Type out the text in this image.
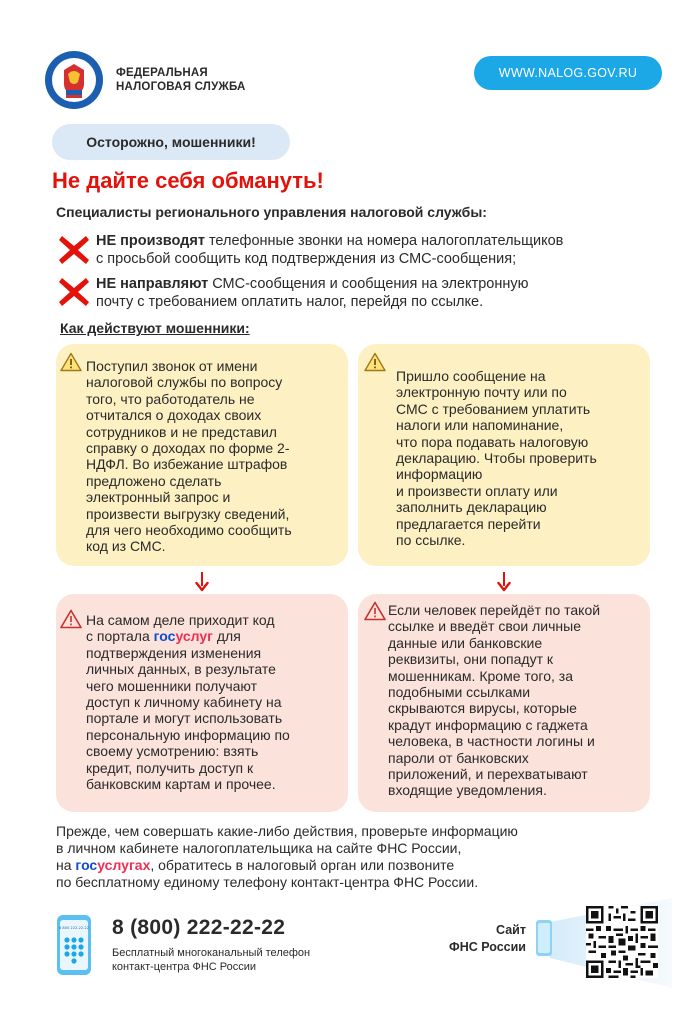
ФЕДЕРАЛЬНАЯ
НАЛОГОВАЯ СЛУЖБА
WWW.NALOG.GOV.RU
Осторожно, мошенники!
Не дайте себя обмануть!
Специалисты регионального управления налоговой службы:
НЕ производят телефонные звонки на номера налогоплательщиков
с просьбой сообщить код подтверждения из СМС-сообщения;
НЕ направляют СМС-сообщения и сообщения на электронную
почту с требованием оплатить налог, перейдя по ссылке.
Как действуют мошенники:
Поступил звонок от имени
налоговой службы по вопросу
того, что работодатель не
отчитался о доходах своих
сотрудников и не представил
справку о доходах по форме 2-
НДФЛ. Во избежание штрафов
предложено сделать
электронный запрос и
произвести выгрузку сведений,
для чего необходимо сообщить
код из СМС.
Пришло сообщение на
электронную почту или по
СМС с требованием уплатить
налоги или напоминание,
что пора подавать налоговую
декларацию. Чтобы проверить
информацию
и произвести оплату или
заполнить декларацию
предлагается перейти
по ссылке.
На самом деле приходит код
с портала госуслуг для
подтверждения изменения
личных данных, в результате
чего мошенники получают
доступ к личному кабинету на
портале и могут использовать
персональную информацию по
своему усмотрению: взять
кредит, получить доступ к
банковским картам и прочее.
Если человек перейдёт по такой
ссылке и введёт свои личные
данные или банковские
реквизиты, они попадут к
мошенникам. Кроме того, за
подобными ссылками
скрываются вирусы, которые
крадут информацию с гаджета
человека, в частности логины и
пароли от банковских
приложений, и перехватывают
входящие уведомления.
Прежде, чем совершать какие-либо действия, проверьте информацию
в личном кабинете налогоплательщика на сайте ФНС России,
на госуслугах, обратитесь в налоговый орган или позвоните
по бесплатному единому телефону контакт-центра ФНС России.
8 800 222-22-22 8 (800) 222-22-22
Бесплатный многоканальный телефон
контакт-центра ФНС России
Сайт
ФНС России
